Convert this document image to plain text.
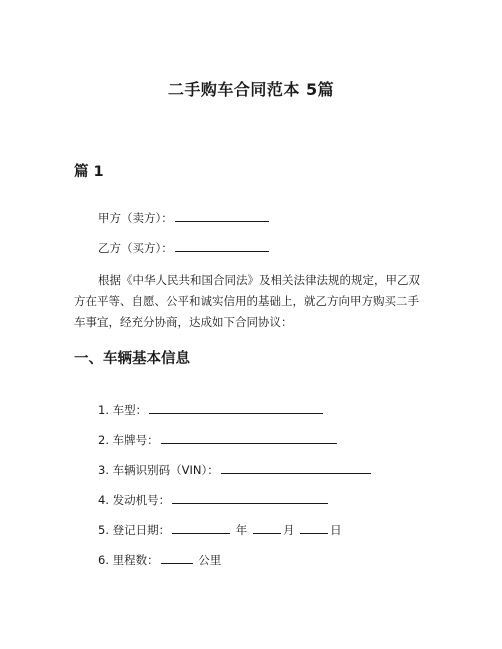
二手购车合同范本 5篇
篇 1
甲方（卖方）：
乙方（买方）：
根据《中华人民共和国合同法》及相关法律法规的规定，甲乙双方在平等、自愿、公平和诚实信用的基础上，就乙方向甲方购买二手车事宜，经充分协商，达成如下合同协议：
一、车辆基本信息
1. 车型：
2. 车牌号：
3. 车辆识别码（VIN）：
4. 发动机号：
5. 登记日期：	年	月	日
6. 里程数：	公里
